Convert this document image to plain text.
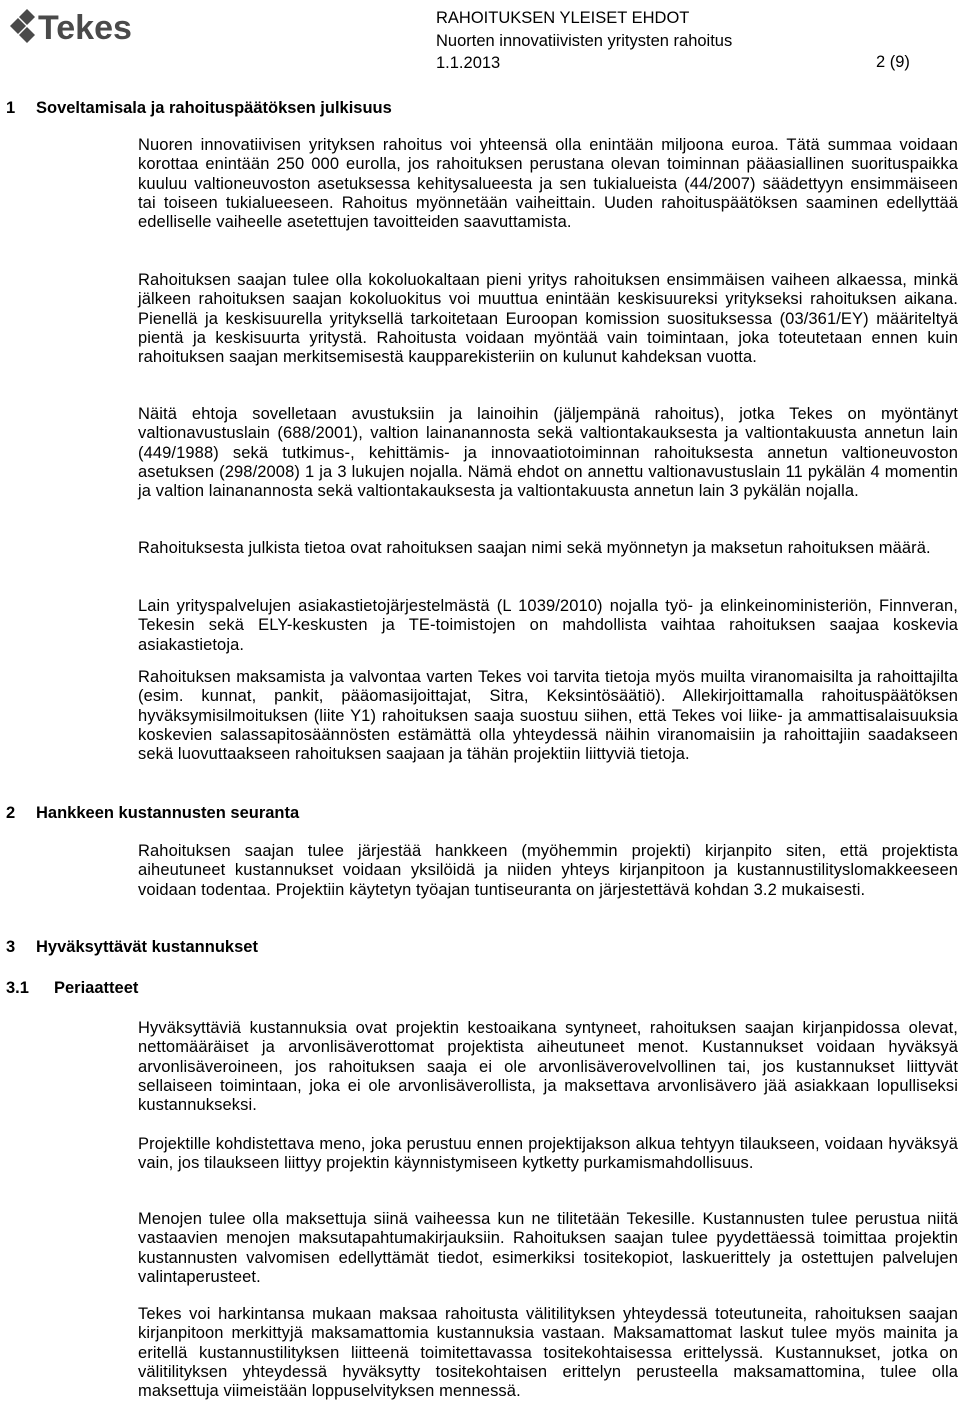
Tekes	RAHOITUKSEN YLEISET EHDOT
Nuorten innovatiivisten yritysten rahoitus
1.1.2013	2 (9)
1 Soveltamisala ja rahoituspäätöksen julkisuus
Nuoren innovatiivisen yrityksen rahoitus voi yhteensä olla enintään miljoona euroa. Tätä summaa voidaan korottaa enintään 250 000 eurolla, jos rahoituksen perustana olevan toiminnan pääasiallinen suorituspaikka kuuluu valtioneuvoston asetuksessa kehitysalueesta ja sen tukialueista (44/2007) säädettyyn ensimmäiseen tai toiseen tukialueeseen. Rahoitus myönnetään vaiheittain. Uuden rahoituspäätöksen saaminen edellyttää edelliselle vaiheelle asetettujen tavoitteiden saavuttamista.
Rahoituksen saajan tulee olla kokoluokaltaan pieni yritys rahoituksen ensimmäisen vaiheen alkaessa, minkä jälkeen rahoituksen saajan kokoluokitus voi muuttua enintään keskisuureksi yritykseksi rahoituksen aikana. Pienellä ja keskisuurella yrityksellä tarkoitetaan Euroopan komission suosituksessa (03/361/EY) määriteltyä pientä ja keskisuurta yritystä. Rahoitusta voidaan myöntää vain toimintaan, joka toteutetaan ennen kuin rahoituksen saajan merkitsemisestä kaupparekisteriin on kulunut kahdeksan vuotta.
Näitä ehtoja sovelletaan avustuksiin ja lainoihin (jäljempänä rahoitus), jotka Tekes on myöntänyt valtionavustuslain (688/2001), valtion lainanannosta sekä valtiontakauksesta ja valtiontakuusta annetun lain (449/1988) sekä tutkimus-, kehittämis- ja innovaatiotoiminnan rahoituksesta annetun valtioneuvoston asetuksen (298/2008) 1 ja 3 lukujen nojalla. Nämä ehdot on annettu valtionavustuslain 11 pykälän 4 momentin ja valtion lainanannosta sekä valtiontakauksesta ja valtiontakuusta annetun lain 3 pykälän nojalla.
Rahoituksesta julkista tietoa ovat rahoituksen saajan nimi sekä myönnetyn ja maksetun rahoituksen määrä.
Lain yrityspalvelujen asiakastietojärjestelmästä (L 1039/2010) nojalla työ- ja elinkeinoministeriön, Finnveran, Tekesin sekä ELY-keskusten ja TE-toimistojen on mahdollista vaihtaa rahoituksen saajaa koskevia asiakastietoja.
Rahoituksen maksamista ja valvontaa varten Tekes voi tarvita tietoja myös muilta viranomaisilta ja rahoittajilta (esim. kunnat, pankit, pääomasijoittajat, Sitra, Keksintösäätiö). Allekirjoittamalla rahoituspäätöksen hyväksymisilmoituksen (liite Y1) rahoituksen saaja suostuu siihen, että Tekes voi liike- ja ammattisalaisuuksia koskevien salassapitosäännösten estämättä olla yhteydessä näihin viranomaisiin ja rahoittajiin saadakseen sekä luovuttaakseen rahoituksen saajaan ja tähän projektiin liittyviä tietoja.
2 Hankkeen kustannusten seuranta
Rahoituksen saajan tulee järjestää hankkeen (myöhemmin projekti) kirjanpito siten, että projektista aiheutuneet kustannukset voidaan yksilöidä ja niiden yhteys kirjanpitoon ja kustannustilityslomakkeeseen voidaan todentaa. Projektiin käytetyn työajan tuntiseuranta on järjestettävä kohdan 3.2 mukaisesti.
3 Hyväksyttävät kustannukset
3.1 Periaatteet
Hyväksyttäviä kustannuksia ovat projektin kestoaikana syntyneet, rahoituksen saajan kirjanpidossa olevat, nettomääräiset ja arvonlisäverottomat projektista aiheutuneet menot. Kustannukset voidaan hyväksyä arvonlisäveroineen, jos rahoituksen saaja ei ole arvonlisäverovelvollinen tai, jos kustannukset liittyvät sellaiseen toimintaan, joka ei ole arvonlisäverollista, ja maksettava arvonlisävero jää asiakkaan lopulliseksi kustannukseksi.
Projektille kohdistettava meno, joka perustuu ennen projektijakson alkua tehtyyn tilaukseen, voidaan hyväksyä vain, jos tilaukseen liittyy projektin käynnistymiseen kytketty purkamismahdollisuus.
Menojen tulee olla maksettuja siinä vaiheessa kun ne tilitetään Tekesille. Kustannusten tulee perustua niitä vastaavien menojen maksutapahtumakirjauksiin. Rahoituksen saajan tulee pyydettäessä toimittaa projektin kustannusten valvomisen edellyttämät tiedot, esimerkiksi tositekopiot, laskuerittely ja ostettujen palvelujen valintaperusteet.
Tekes voi harkintansa mukaan maksaa rahoitusta välitilityksen yhteydessä toteutuneita, rahoituksen saajan kirjanpitoon merkittyjä maksamattomia kustannuksia vastaan. Maksamattomat laskut tulee myös mainita ja eritellä kustannustilityksen liitteenä toimitettavassa tositekohtaisessa erittelyssä. Kustannukset, jotka on välitilityksen yhteydessä hyväksytty tositekohtaisen erittelyn perusteella maksamattomina, tulee olla maksettuja viimeistään loppuselvityksen mennessä.
